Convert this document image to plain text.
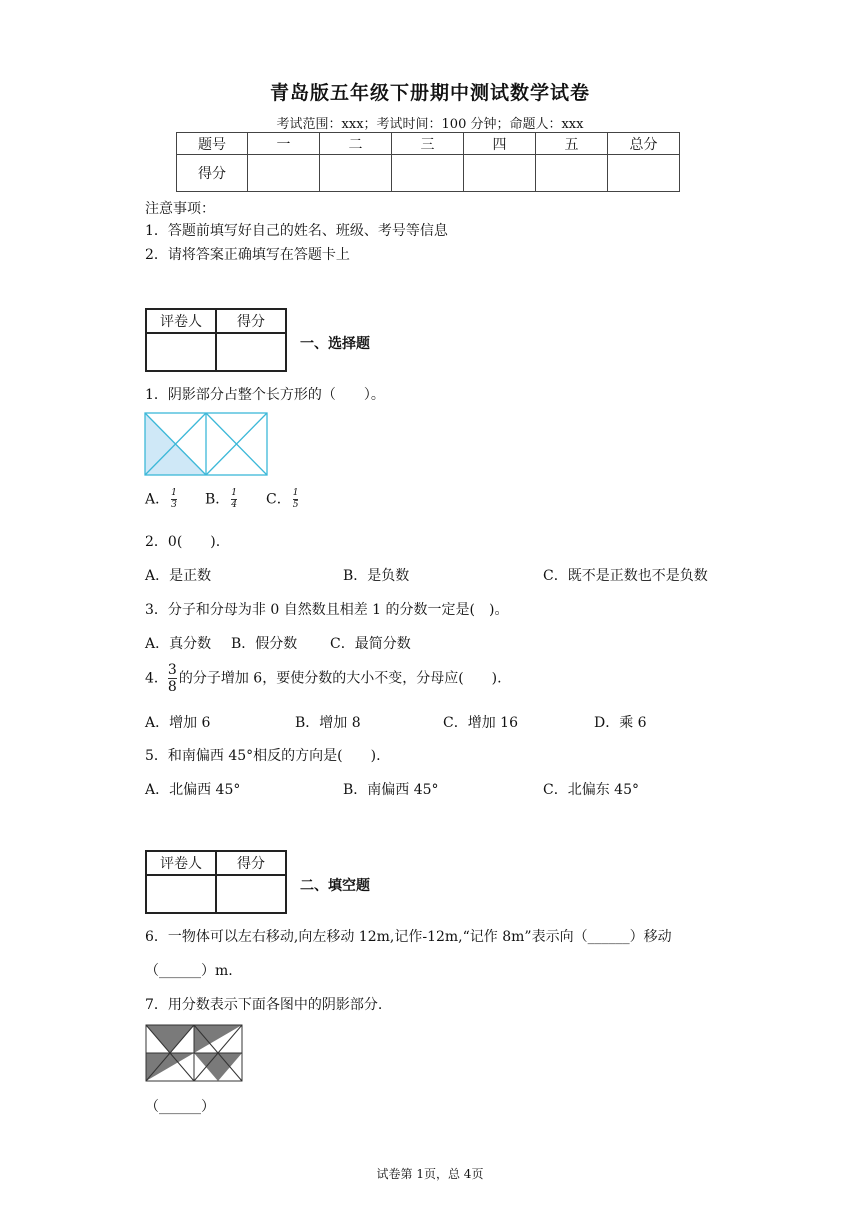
青岛版五年级下册期中测试数学试卷
考试范围：xxx；考试时间：100 分钟；命题人：xxx
题号	一	二	三	四	五	总分
得分						
注意事项：
1．答题前填写好自己的姓名、班级、考号等信息
2．请将答案正确填写在答题卡上
评卷人	得分

一、选择题
1．阴影部分占整个长方形的（　　）。
A． $\frac{1}{3}$ B． $\frac{1}{4}$ C． $\frac{1}{5}$
2．0(　　).
A．是正数	B．是负数	C．既不是正数也不是负数
3．分子和分母为非 0 自然数且相差 1 的分数一定是(　)。
A．真分数 B．假分数 C．最简分数
4． $\frac{3}{8}$ 的分子增加 6，要使分数的大小不变，分母应(　　).
A．增加 6	B．增加 8	C．增加 16	D．乘 6
5．和南偏西 45°相反的方向是(　　).
A．北偏西 45°	B．南偏西 45°	C．北偏东 45°
评卷人	得分

二、填空题
6．一物体可以左右移动,向左移动 12m,记作-12m,“记作 8m”表示向（______）移动
（______）m.
7．用分数表示下面各图中的阴影部分.
（______）
试卷第 1页，总 4页
